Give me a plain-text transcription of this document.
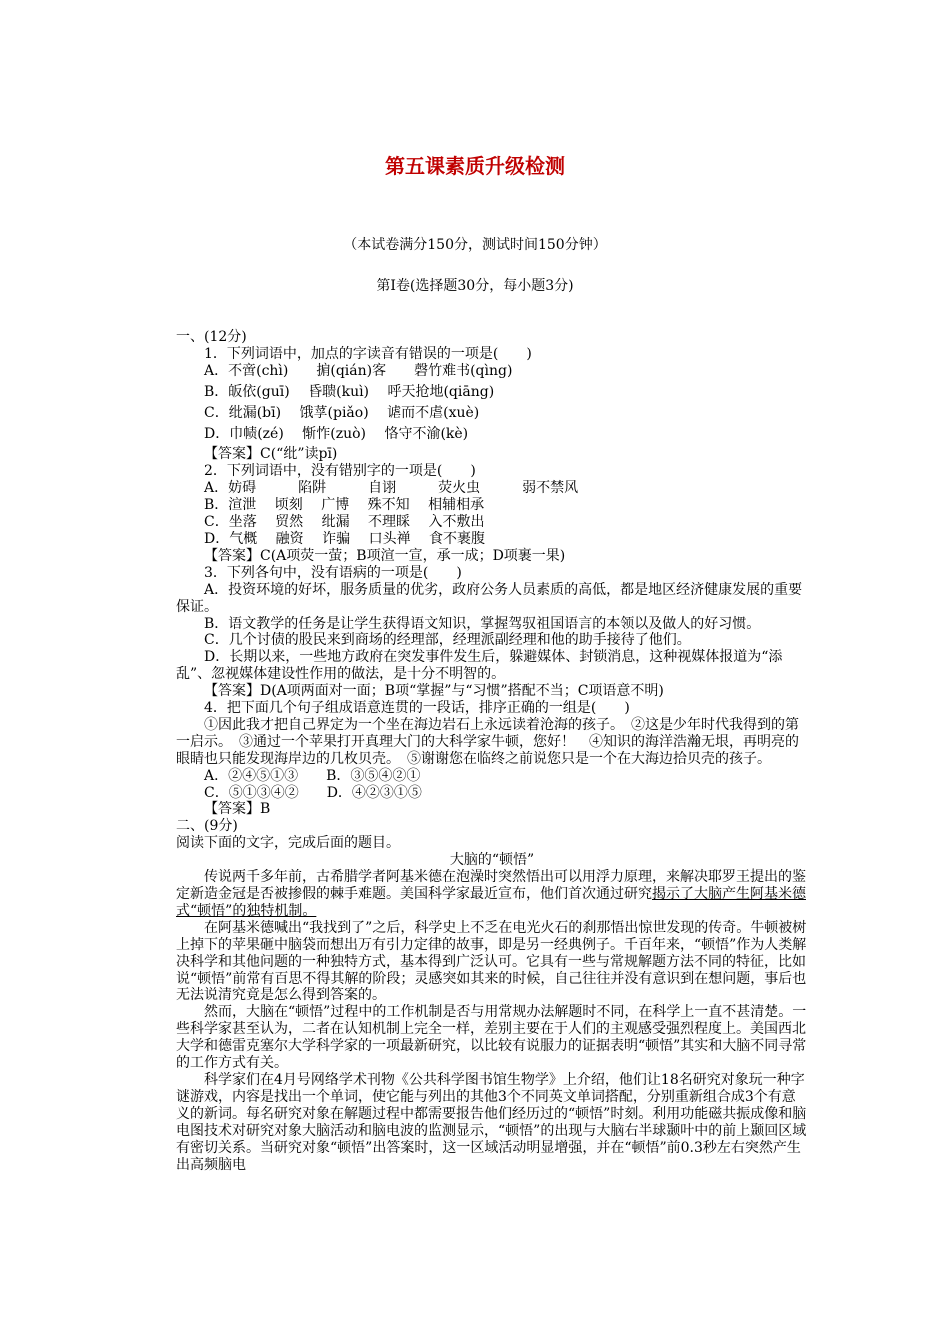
第五课素质升级检测
（本试卷满分150分，测试时间150分钟）
第Ⅰ卷(选择题30分，每小题3分)

一、(12分)

1．下列词语中，加点的字读音有错误的一项是(　　)

A．不啻(chì)　　掮(qián)客　　磬竹难书(qìng)

B．皈依(guī)　 昏聩(kuì)　 呼天抢地(qiāng)

C．纰漏(bī)　 饿莩(piǎo)　 谑而不虐(xuè)

D．巾帻(zé)　 惭怍(zuò)　 恪守不渝(kè)

【答案】C(“纰”读pī)

2．下列词语中，没有错别字的一项是(　　)

A．妨碍　　　陷阱　　　自诩　　　荧火虫　　　弱不禁风

B．渲泄　 顷刻　 广博　 殊不知　 相辅相承

C．坐落　 贸然　 纰漏　 不理睬　 入不敷出

D．气概　 融资　 诈骗　 口头禅　 食不裹腹

【答案】C(A项荧一萤；B项渲一宣，承一成；D项裹一果)

3．下列各句中，没有语病的一项是(　　)

A．投资环境的好坏，服务质量的优劣，政府公务人员素质的高低，都是地区经济健康发展的重要保证。

B．语文教学的任务是让学生获得语文知识，掌握驾驭祖国语言的本领以及做人的好习惯。

C．几个讨债的股民来到商场的经理部，经理派副经理和他的助手接待了他们。

D．长期以来，一些地方政府在突发事件发生后，躲避媒体、封锁消息，这种视媒体报道为“添乱”、忽视媒体建设性作用的做法，是十分不明智的。

【答案】D(A项两面对一面；B项“掌握”与“习惯”搭配不当；C项语意不明)

4．把下面几个句子组成语意连贯的一段话，排序正确的一组是(　　)

①因此我才把自己界定为一个坐在海边岩石上永远读着沧海的孩子。　②这是少年时代我得到的第一启示。　③通过一个苹果打开真理大门的大科学家牛顿，您好！　④知识的海洋浩瀚无垠，再明亮的眼睛也只能发现海岸边的几枚贝壳。　⑤谢谢您在临终之前说您只是一个在大海边拾贝壳的孩子。

A．②④⑤①③　　B．③⑤④②①

C．⑤①③④②　　D．④②③①⑤

【答案】B

二、(9分)

阅读下面的文字，完成后面的题目。

大脑的“顿悟”

传说两千多年前，古希腊学者阿基米德在泡澡时突然悟出可以用浮力原理，来解决耶罗王提出的鉴定新造金冠是否被掺假的棘手难题。美国科学家最近宣布，他们首次通过研究揭示了大脑产生阿基米德式“顿悟”的独特机制。

在阿基米德喊出“我找到了”之后，科学史上不乏在电光火石的刹那悟出惊世发现的传奇。牛顿被树上掉下的苹果砸中脑袋而想出万有引力定律的故事，即是另一经典例子。千百年来，“顿悟”作为人类解决科学和其他问题的一种独特方式，基本得到广泛认可。它具有一些与常规解题方法不同的特征，比如说“顿悟”前常有百思不得其解的阶段；灵感突如其来的时候，自己往往并没有意识到在想问题，事后也无法说清究竟是怎么得到答案的。

然而，大脑在“顿悟”过程中的工作机制是否与用常规办法解题时不同，在科学上一直不甚清楚。一些科学家甚至认为，二者在认知机制上完全一样，差别主要在于人们的主观感受强烈程度上。美国西北大学和德雷克塞尔大学科学家的一项最新研究，以比较有说服力的证据表明“顿悟”其实和大脑不同寻常的工作方式有关。

科学家们在4月号网络学术刊物《公共科学图书馆生物学》上介绍，他们让18名研究对象玩一种字谜游戏，内容是找出一个单词，使它能与列出的其他3个不同英文单词搭配，分别重新组合成3个有意义的新词。每名研究对象在解题过程中都需要报告他们经历过的“顿悟”时刻。利用功能磁共振成像和脑电图技术对研究对象大脑活动和脑电波的监测显示，“顿悟”的出现与大脑右半球颞叶中的前上颞回区域有密切关系。当研究对象“顿悟”出答案时，这一区域活动明显增强，并在“顿悟”前0.3秒左右突然产生出高频脑电
